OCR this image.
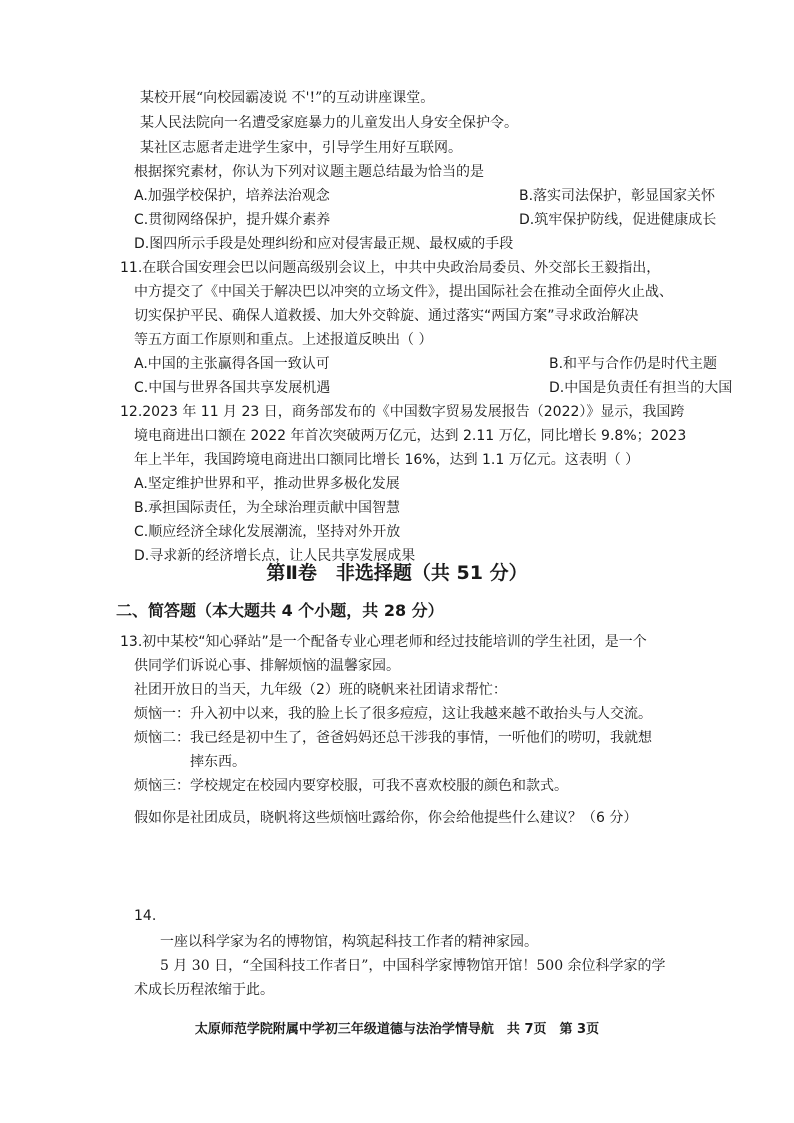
某校开展“向校园霸凌说 不'!”的互动讲座课堂。
某人民法院向一名遭受家庭暴力的儿童发出人身安全保护令。
某社区志愿者走进学生家中，引导学生用好互联网。
根据探究素材，你认为下列对议题主题总结最为恰当的是
A.加强学校保护，培养法治观念	B.落实司法保护，彰显国家关怀
C.贯彻网络保护，提升媒介素养	D.筑牢保护防线，促进健康成长
D.图四所示手段是处理纠纷和应对侵害最正规、最权威的手段
11.在联合国安理会巴以问题高级别会议上，中共中央政治局委员、外交部长王毅指出，
中方提交了《中国关于解决巴以冲突的立场文件》，提出国际社会在推动全面停火止战、
切实保护平民、确保人道救援、加大外交斡旋、通过落实“两国方案”寻求政治解决
等五方面工作原则和重点。上述报道反映出（ ）
A.中国的主张赢得各国一致认可	B.和平与合作仍是时代主题
C.中国与世界各国共享发展机遇	D.中国是负责任有担当的大国
12.2023 年 11 月 23 日，商务部发布的《中国数字贸易发展报告（2022）》显示，我国跨
境电商进出口额在 2022 年首次突破两万亿元，达到 2.11 万亿，同比增长 9.8%；2023
年上半年，我国跨境电商进出口额同比增长 16%，达到 1.1 万亿元。这表明（ ）
A.坚定维护世界和平，推动世界多极化发展
B.承担国际责任，为全球治理贡献中国智慧
C.顺应经济全球化发展潮流，坚持对外开放
D.寻求新的经济增长点，让人民共享发展成果
第Ⅱ卷　非选择题（共 51 分）
二、简答题（本大题共 4 个小题，共 28 分）
13.初中某校“知心驿站”是一个配备专业心理老师和经过技能培训的学生社团，是一个
供同学们诉说心事、排解烦恼的温馨家园。
社团开放日的当天，九年级（2）班的晓帆来社团请求帮忙：
烦恼一：升入初中以来，我的脸上长了很多痘痘，这让我越来越不敢抬头与人交流。
烦恼二：我已经是初中生了，爸爸妈妈还总干涉我的事情，一听他们的唠叨，我就想
摔东西。
烦恼三：学校规定在校园内要穿校服，可我不喜欢校服的颜色和款式。
假如你是社团成员，晓帆将这些烦恼吐露给你，你会给他提些什么建议？（6 分）
14.
一座以科学家为名的博物馆，构筑起科技工作者的精神家园。
5 月 30 日，“全国科技工作者日”，中国科学家博物馆开馆！500 余位科学家的学
术成长历程浓缩于此。
太原师范学院附属中学初三年级道德与法治学情导航　共 7页　第 3页
